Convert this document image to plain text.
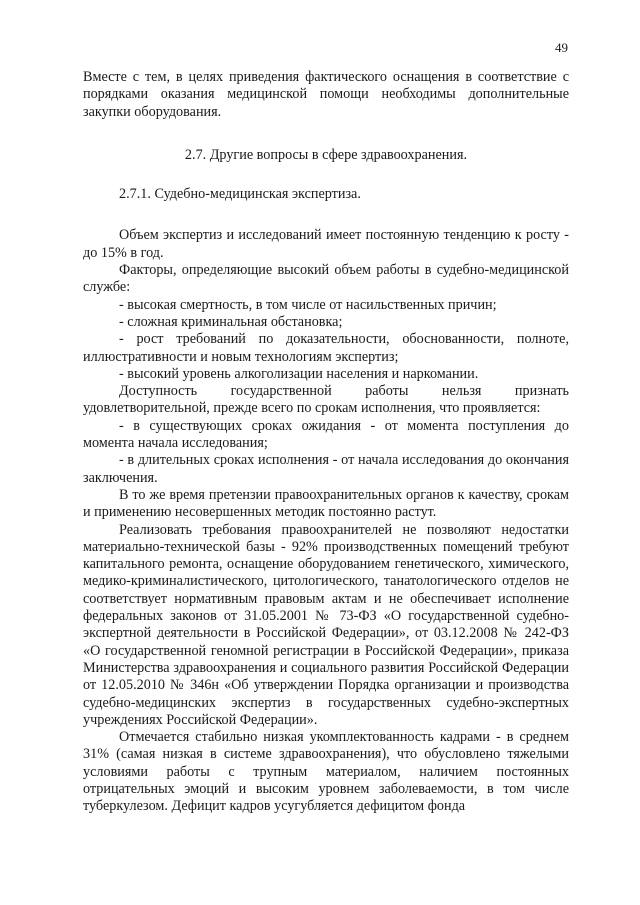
49

Вместе с тем, в целях приведения фактического оснащения в соответствие с порядками оказания медицинской помощи необходимы дополнительные закупки оборудования.

2.7. Другие вопросы в сфере здравоохранения.

2.7.1. Судебно-медицинская экспертиза.

Объем экспертиз и исследований имеет постоянную тенденцию к росту - до 15% в год.

Факторы, определяющие высокий объем работы в судебно-медицинской службе:

- высокая смертность, в том числе от насильственных причин;

- сложная криминальная обстановка;

- рост требований по доказательности, обоснованности, полноте, иллюстративности и новым технологиям экспертиз;

- высокий уровень алкоголизации населения и наркомании.

Доступность государственной работы нельзя признать удовлетворительной, прежде всего по срокам исполнения, что проявляется:

- в существующих сроках ожидания - от момента поступления до момента начала исследования;

- в длительных сроках исполнения - от начала исследования до окончания заключения.

В то же время претензии правоохранительных органов к качеству, срокам и применению несовершенных методик постоянно растут.

Реализовать требования правоохранителей не позволяют недостатки материально-технической базы - 92% производственных помещений требуют капитального ремонта, оснащение оборудованием генетического, химического, медико-криминалистического, цитологического, танатологического отделов не соответствует нормативным правовым актам и не обеспечивает исполнение федеральных законов от 31.05.2001 № 73-ФЗ «О государственной судебно-экспертной деятельности в Российской Федерации», от 03.12.2008 № 242-ФЗ «О государственной геномной регистрации в Российской Федерации», приказа Министерства здравоохранения и социального развития Российской Федерации от 12.05.2010 № 346н «Об утверждении Порядка организации и производства судебно-медицинских экспертиз в государственных судебно-экспертных учреждениях Российской Федерации».

Отмечается стабильно низкая укомплектованность кадрами - в среднем 31% (самая низкая в системе здравоохранения), что обусловлено тяжелыми условиями работы с трупным материалом, наличием постоянных отрицательных эмоций и высоким уровнем заболеваемости, в том числе туберкулезом. Дефицит кадров усугубляется дефицитом фонда
